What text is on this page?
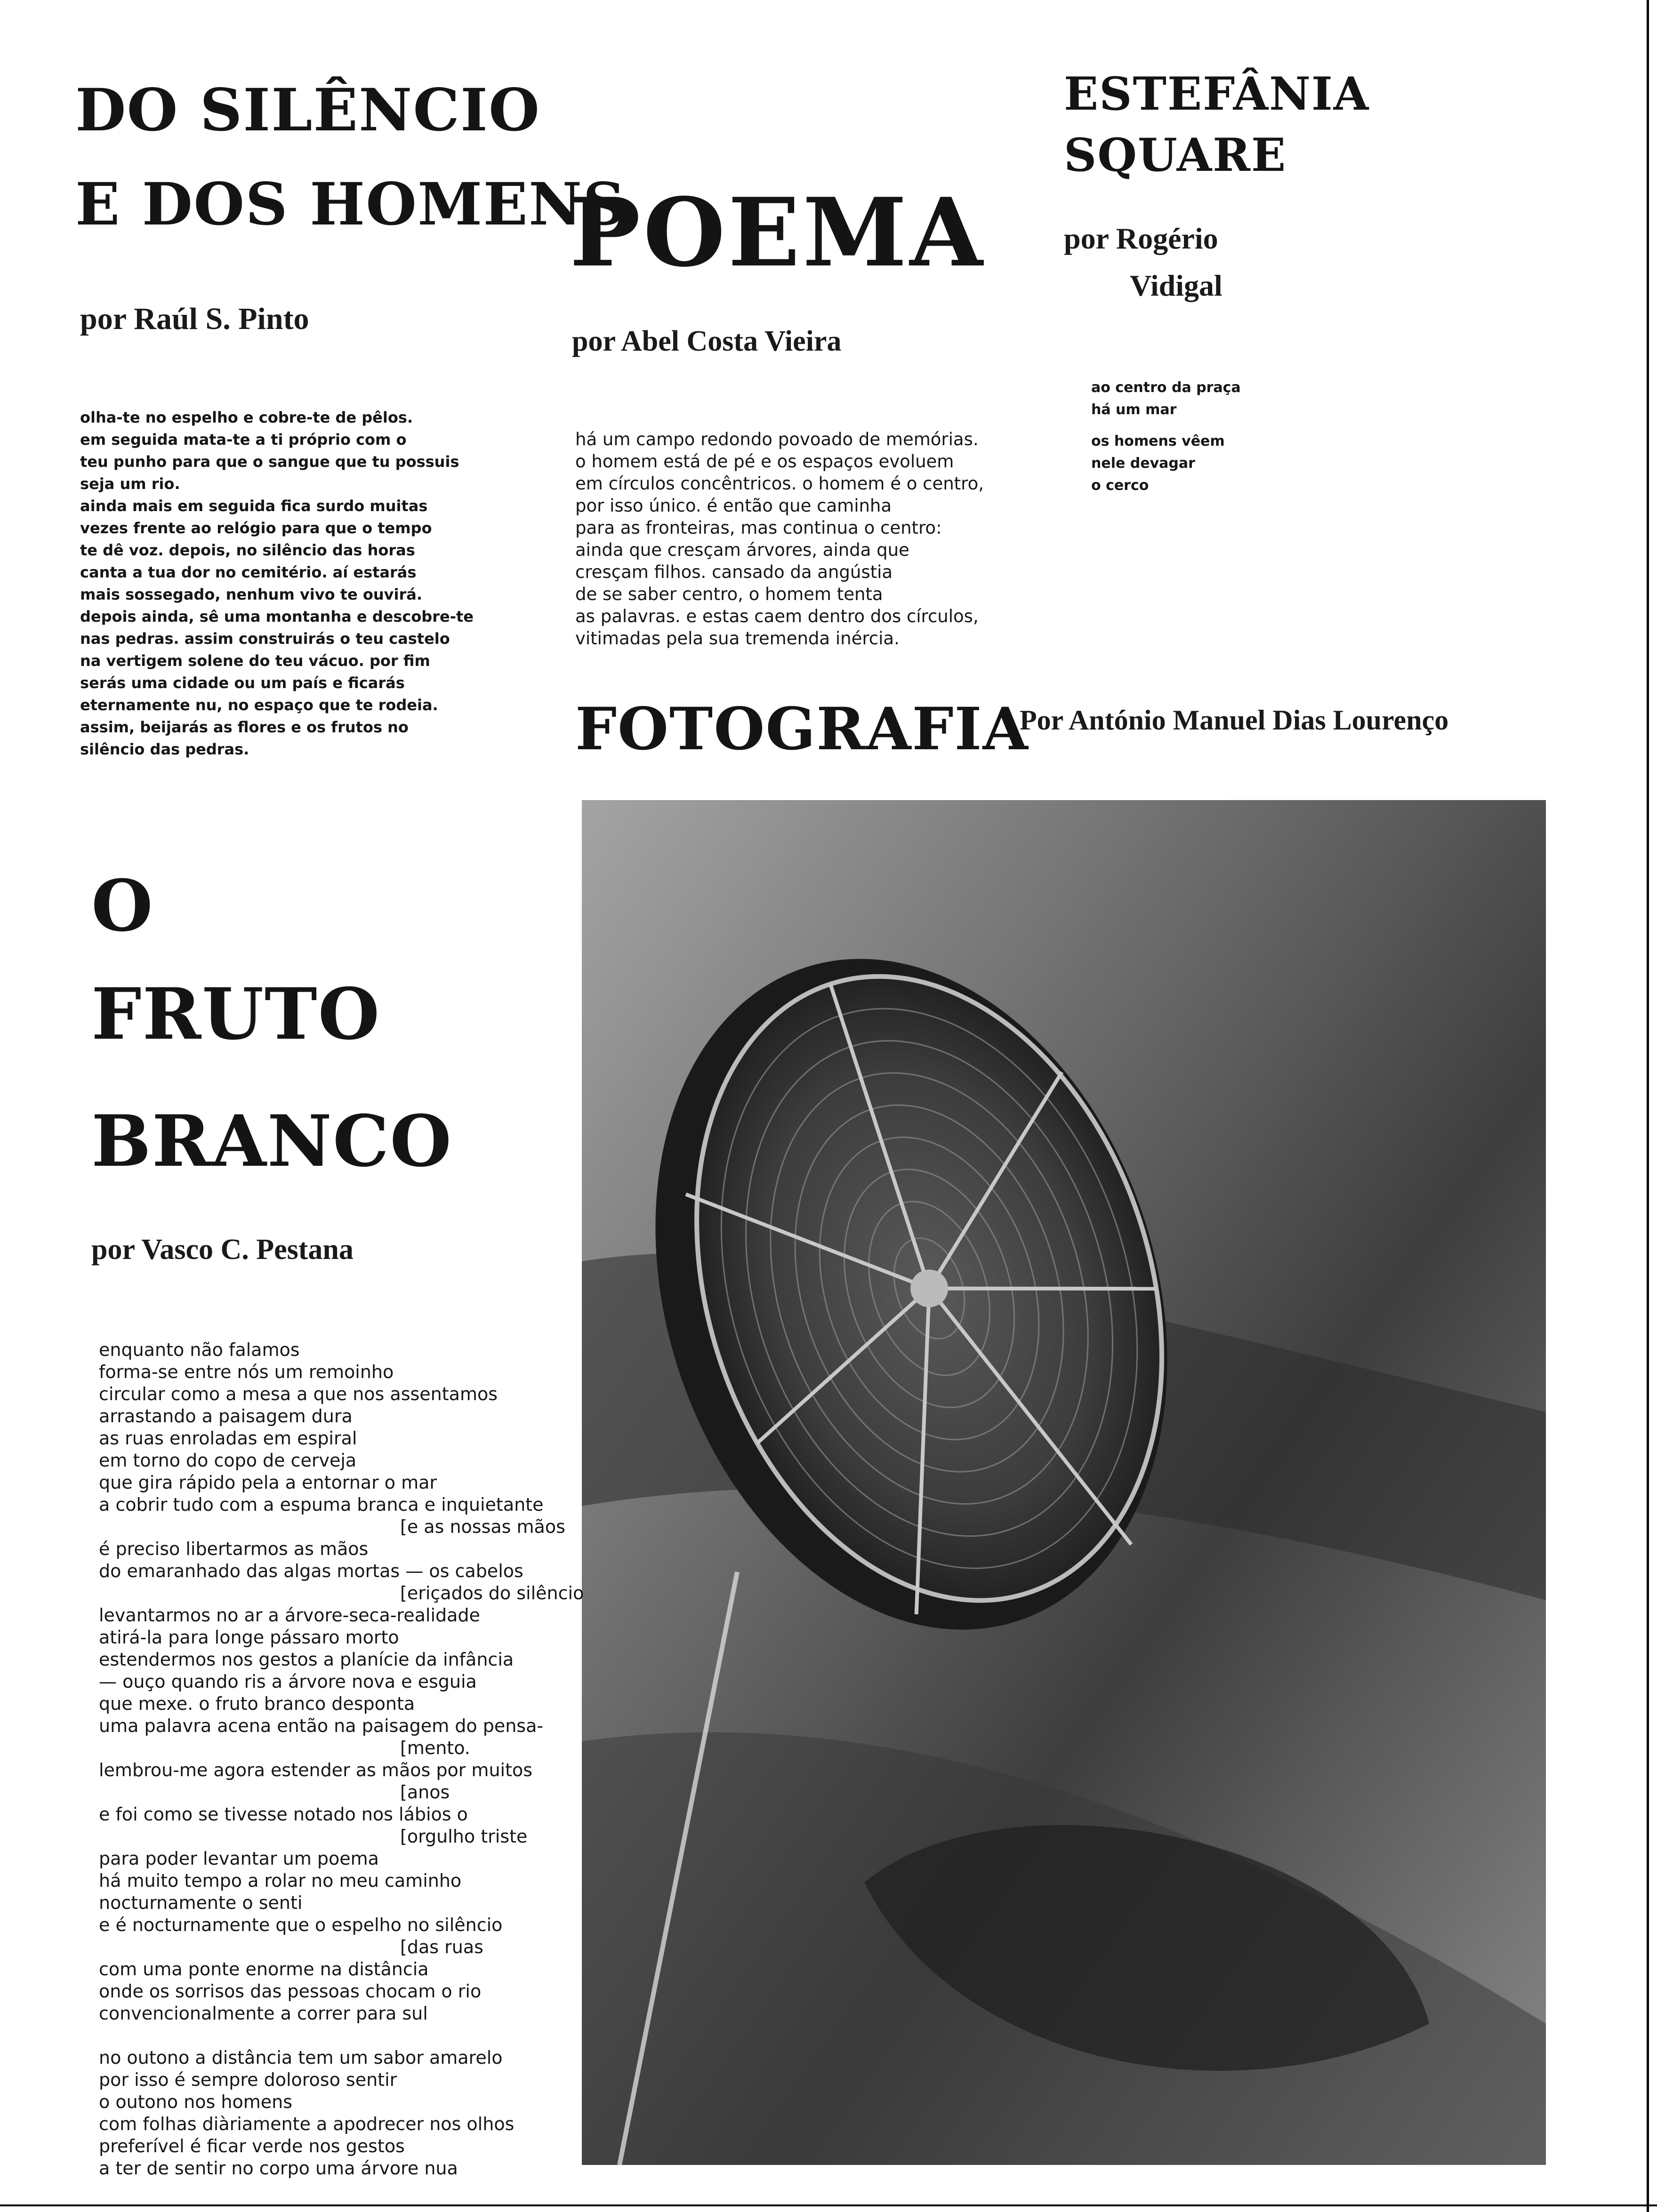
DO SILÊNCIO
E DOS HOMENS
por Raúl S. Pinto
olha-te no espelho e cobre-te de pêlos.
em seguida mata-te a ti próprio com o
teu punho para que o sangue que tu possuis
seja um rio.
ainda mais em seguida fica surdo muitas
vezes frente ao relógio para que o tempo
te dê voz. depois, no silêncio das horas
canta a tua dor no cemitério. aí estarás
mais sossegado, nenhum vivo te ouvirá.
depois ainda, sê uma montanha e descobre-te
nas pedras. assim construirás o teu castelo
na vertigem solene do teu vácuo. por fim
serás uma cidade ou um país e ficarás
eternamente nu, no espaço que te rodeia.
assim, beijarás as flores e os frutos no
silêncio das pedras.
POEMA
por Abel Costa Vieira
há um campo redondo povoado de memórias.
o homem está de pé e os espaços evoluem
em círculos concêntricos. o homem é o centro,
por isso único. é então que caminha
para as fronteiras, mas continua o centro:
ainda que cresçam árvores, ainda que
cresçam filhos. cansado da angústia
de se saber centro, o homem tenta
as palavras. e estas caem dentro dos círculos,
vitimadas pela sua tremenda inércia.
ESTEFÂNIA
SQUARE
por Rogério
Vidigal
ao centro da praça
há um mar
os homens vêem
nele devagar
o cerco
FOTOGRAFIA
Por António Manuel Dias Lourenço
O
FRUTO
BRANCO
por Vasco C. Pestana
enquanto não falamos
forma-se entre nós um remoinho
circular como a mesa a que nos assentamos
arrastando a paisagem dura
as ruas enroladas em espiral
em torno do copo de cerveja
que gira rápido pela a entornar o mar
a cobrir tudo com a espuma branca e inquietante
[e as nossas mãos
é preciso libertarmos as mãos
do emaranhado das algas mortas — os cabelos
[eriçados do silêncio
levantarmos no ar a árvore-seca-realidade
atirá-la para longe pássaro morto
estendermos nos gestos a planície da infância
— ouço quando ris a árvore nova e esguia
que mexe. o fruto branco desponta
uma palavra acena então na paisagem do pensa-
[mento.
lembrou-me agora estender as mãos por muitos
[anos
e foi como se tivesse notado nos lábios o
[orgulho triste
para poder levantar um poema
há muito tempo a rolar no meu caminho
nocturnamente o senti
e é nocturnamente que o espelho no silêncio
[das ruas
com uma ponte enorme na distância
onde os sorrisos das pessoas chocam o rio
convencionalmente a correr para sul
no outono a distância tem um sabor amarelo
por isso é sempre doloroso sentir
o outono nos homens
com folhas diàriamente a apodrecer nos olhos
preferível é ficar verde nos gestos
a ter de sentir no corpo uma árvore nua
